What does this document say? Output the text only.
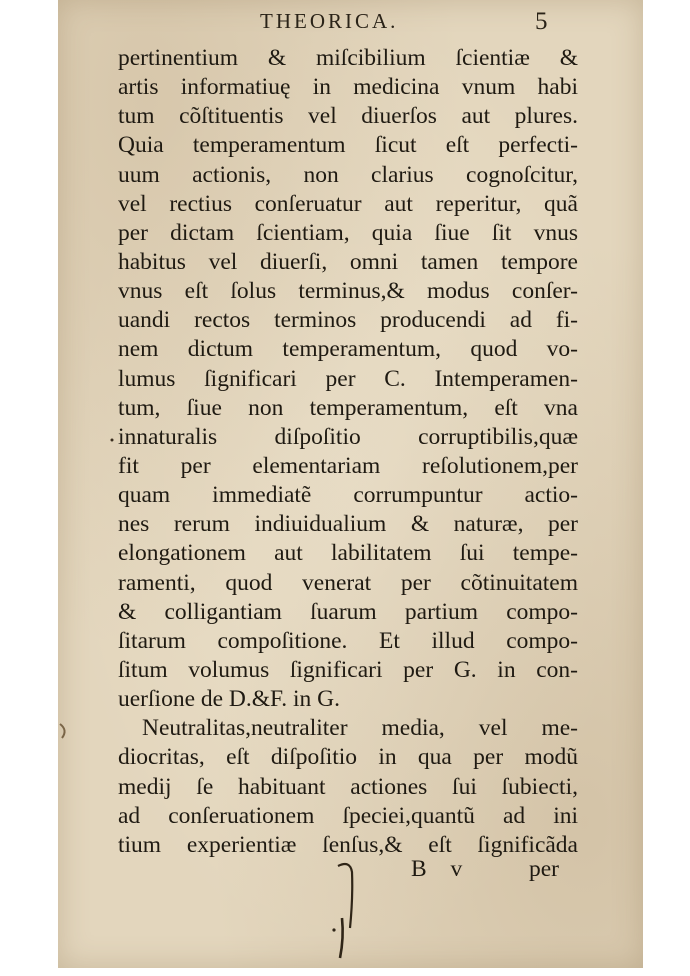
THEORICA.	5
pertinentium & miſcibilium ſcientiæ &
artis informatiuę in medicina vnum habi
tum cõſtituentis vel diuerſos aut plures.
Quia temperamentum ſicut eſt perfecti-
uum actionis, non clarius cognoſcitur,
vel rectius conſeruatur aut reperitur, quã
per dictam ſcientiam, quia ſiue ſit vnus
habitus vel diuerſi, omni tamen tempore
vnus eſt ſolus terminus,& modus conſer-
uandi rectos terminos producendi ad fi-
nem dictum temperamentum, quod vo-
lumus ſignificari per C. Intemperamen-
tum, ſiue non temperamentum, eſt vna
innaturalis diſpoſitio corruptibilis,quæ
fit per elementariam reſolutionem,per
quam immediatẽ corrumpuntur actio-
nes rerum indiuidualium & naturæ, per
elongationem aut labilitatem ſui tempe-
ramenti, quod venerat per cõtinuitatem
& colligantiam ſuarum partium compo-
ſitarum compoſitione. Et illud compo-
ſitum volumus ſignificari per G. in con-
uerſione de D.&F. in G.
Neutralitas,neutraliter media, vel me-
diocritas, eſt diſpoſitio in qua per modũ
medij ſe habituant actiones ſui ſubiecti,
ad conſeruationem ſpeciei,quantũ ad ini
tium experientiæ ſenſus,& eſt ſignificãda
B v	per
